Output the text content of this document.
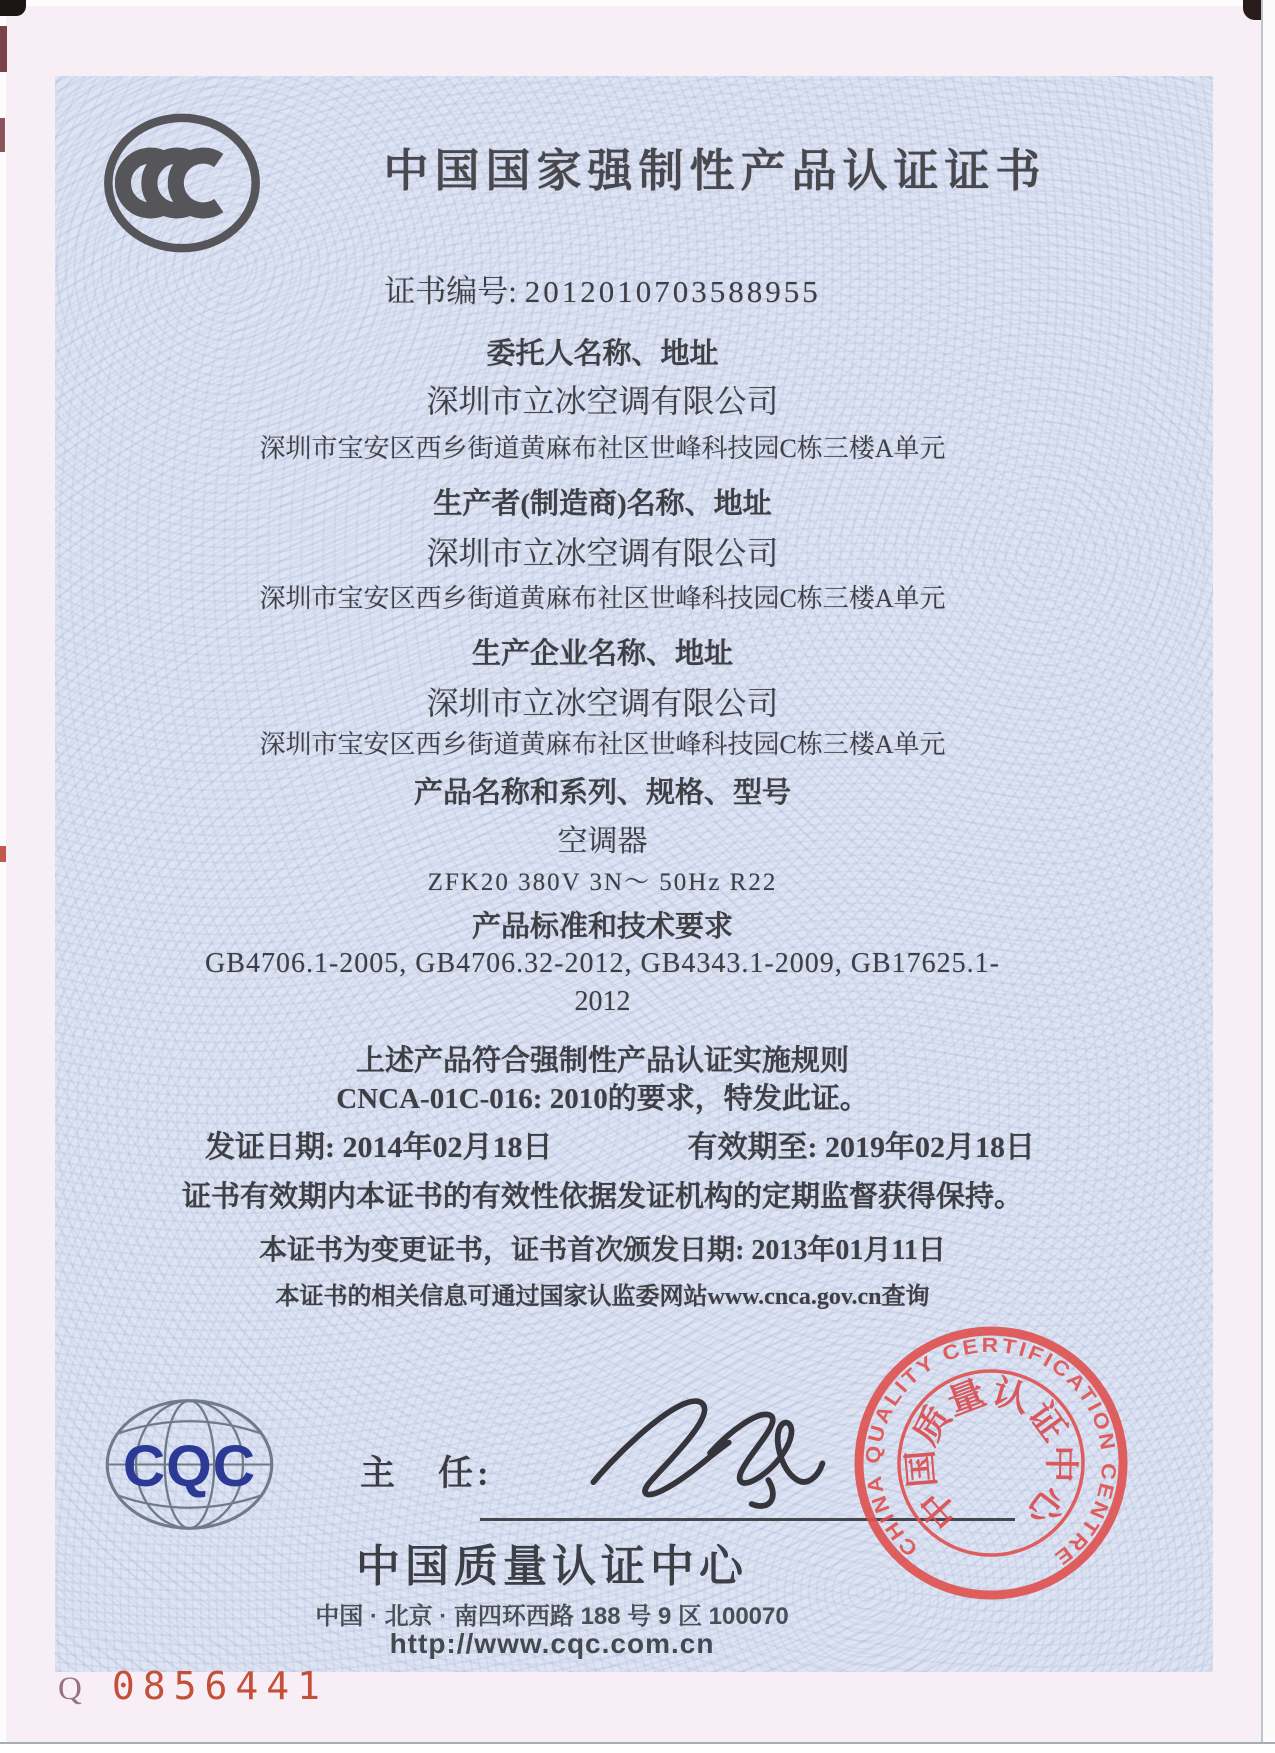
中国国家强制性产品认证证书
证书编号: 2012010703588955
委托人名称、地址
深圳市立冰空调有限公司
深圳市宝安区西乡街道黄麻布社区世峰科技园C栋三楼A单元
生产者(制造商)名称、地址
深圳市立冰空调有限公司
深圳市宝安区西乡街道黄麻布社区世峰科技园C栋三楼A单元
生产企业名称、地址
深圳市立冰空调有限公司
深圳市宝安区西乡街道黄麻布社区世峰科技园C栋三楼A单元
产品名称和系列、规格、型号
空调器
ZFK20 380V 3N～ 50Hz R22
产品标准和技术要求
GB4706.1-2005, GB4706.32-2012, GB4343.1-2009, GB17625.1-
2012
上述产品符合强制性产品认证实施规则
CNCA-01C-016: 2010的要求，特发此证。
发证日期: 2014年02月18日	有效期至: 2019年02月18日
证书有效期内本证书的有效性依据发证机构的定期监督获得保持。
本证书为变更证书，证书首次颁发日期: 2013年01月11日
本证书的相关信息可通过国家认监委网站www.cnca.gov.cn查询
CQC	主　任:
中国质量认证中心
中国 · 北京 · 南四环西路 188 号 9 区 100070
http://www.cqc.com.cn
CHINA QUALITY CERTIFICATION CENTRE
中国质量认证中心
Q 0856441
